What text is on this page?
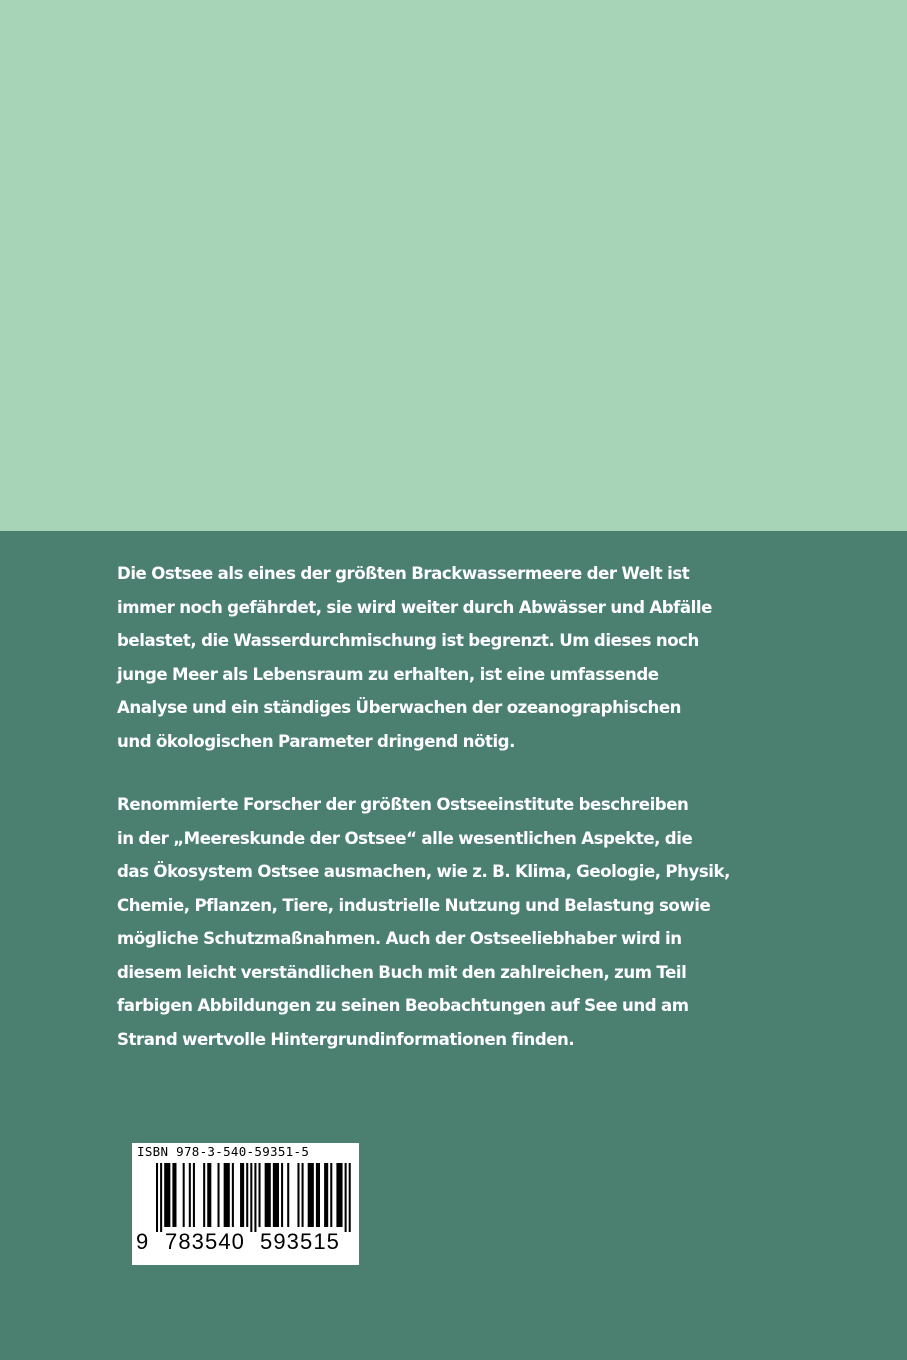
Die Ostsee als eines der größten Brackwassermeere der Welt ist
immer noch gefährdet, sie wird weiter durch Abwässer und Abfälle
belastet, die Wasserdurchmischung ist begrenzt. Um dieses noch
junge Meer als Lebensraum zu erhalten, ist eine umfassende
Analyse und ein ständiges Überwachen der ozeanographischen
und ökologischen Parameter dringend nötig.

Renommierte Forscher der größten Ostseeinstitute beschreiben
in der „Meereskunde der Ostsee“ alle wesentlichen Aspekte, die
das Ökosystem Ostsee ausmachen, wie z. B. Klima, Geologie, Physik,
Chemie, Pflanzen, Tiere, industrielle Nutzung und Belastung sowie
mögliche Schutzmaßnahmen. Auch der Ostseeliebhaber wird in
diesem leicht verständlichen Buch mit den zahlreichen, zum Teil
farbigen Abbildungen zu seinen Beobachtungen auf See und am
Strand wertvolle Hintergrundinformationen finden.

ISBN 978-3-540-59351-5
9 783540 593515
